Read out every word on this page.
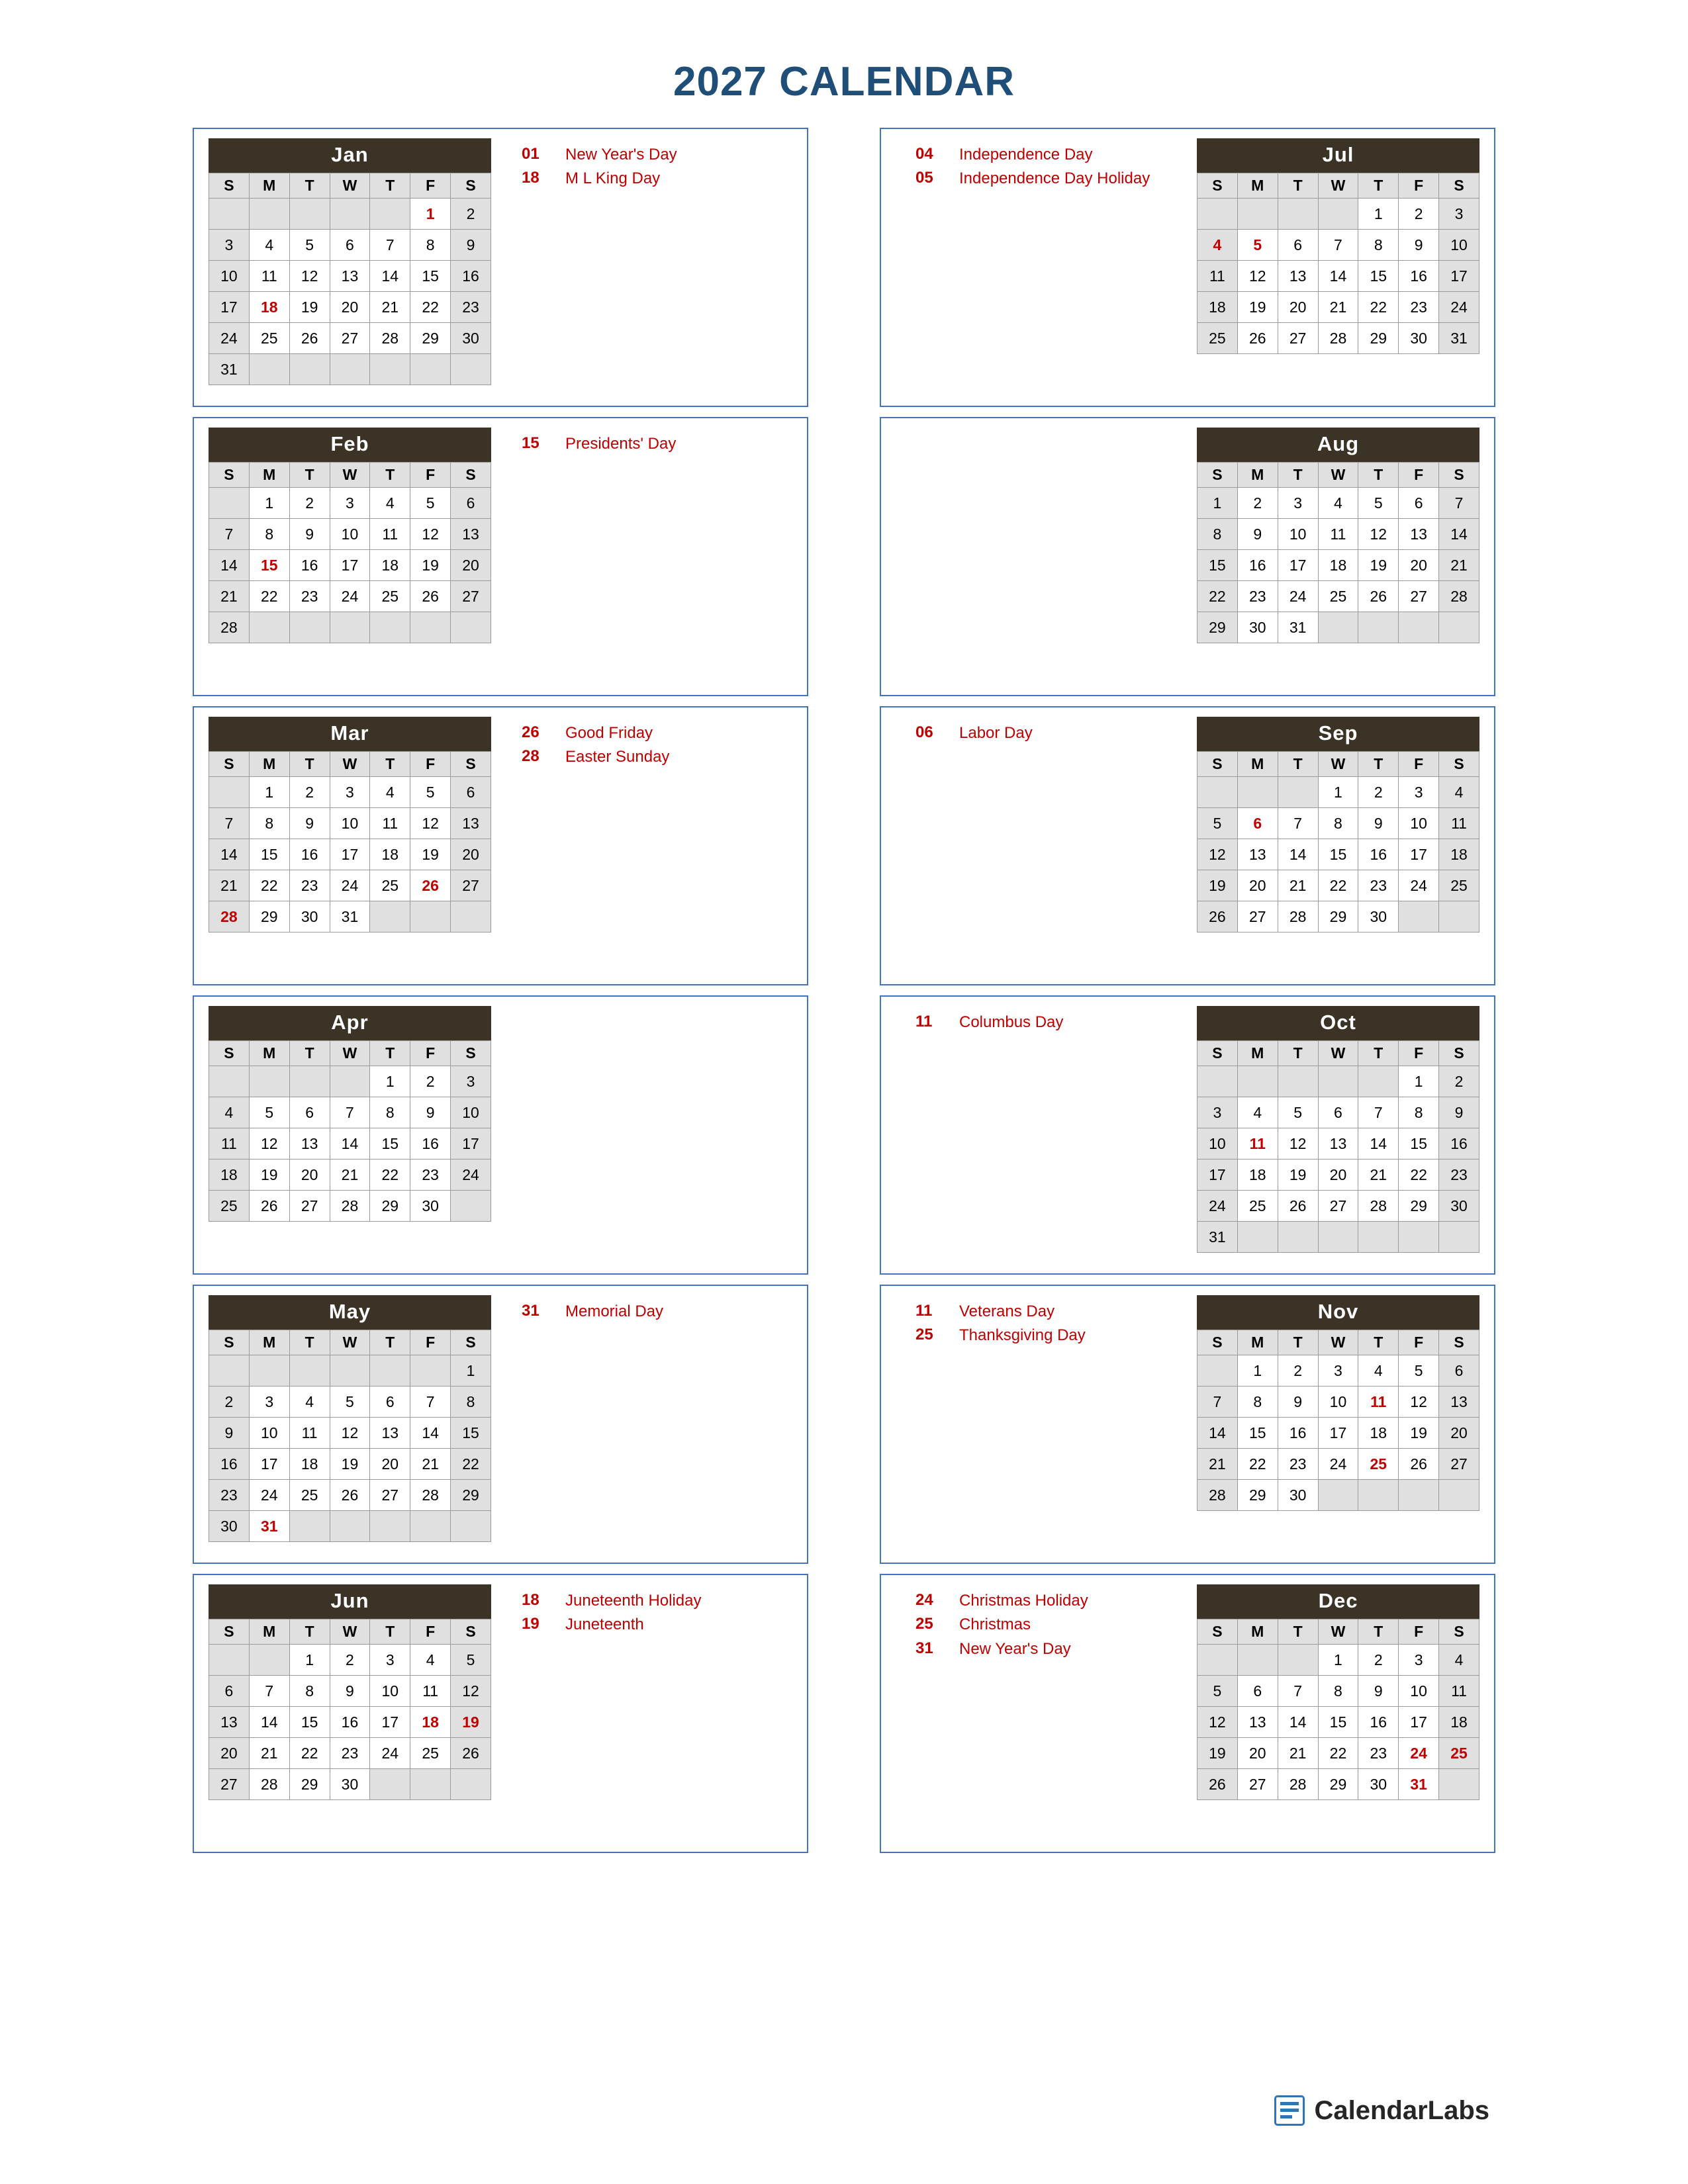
2027 CALENDAR
Jan
S	M	T	W	T	F	S
					1	2
3	4	5	6	7	8	9
10	11	12	13	14	15	16
17	18	19	20	21	22	23
24	25	26	27	28	29	30
31						
01	New Year's Day
18	M L King Day
Jul
S	M	T	W	T	F	S
				1	2	3
4	5	6	7	8	9	10
11	12	13	14	15	16	17
18	19	20	21	22	23	24
25	26	27	28	29	30	31
04	Independence Day
05	Independence Day Holiday
Feb
S	M	T	W	T	F	S
	1	2	3	4	5	6
7	8	9	10	11	12	13
14	15	16	17	18	19	20
21	22	23	24	25	26	27
28						
15	Presidents' Day	Aug
S	M	T	W	T	F	S
1	2	3	4	5	6	7
8	9	10	11	12	13	14
15	16	17	18	19	20	21
22	23	24	25	26	27	28
29	30	31				
Mar
S	M	T	W	T	F	S
	1	2	3	4	5	6
7	8	9	10	11	12	13
14	15	16	17	18	19	20
21	22	23	24	25	26	27
28	29	30	31			
26	Good Friday
28	Easter Sunday
Sep
S	M	T	W	T	F	S
			1	2	3	4
5	6	7	8	9	10	11
12	13	14	15	16	17	18
19	20	21	22	23	24	25
26	27	28	29	30		
06	Labor Day
Apr
S	M	T	W	T	F	S
				1	2	3
4	5	6	7	8	9	10
11	12	13	14	15	16	17
18	19	20	21	22	23	24
25	26	27	28	29	30	
Oct
S	M	T	W	T	F	S
					1	2
3	4	5	6	7	8	9
10	11	12	13	14	15	16
17	18	19	20	21	22	23
24	25	26	27	28	29	30
31						
11	Columbus Day
May
S	M	T	W	T	F	S
						1
2	3	4	5	6	7	8
9	10	11	12	13	14	15
16	17	18	19	20	21	22
23	24	25	26	27	28	29
30	31					
31	Memorial Day	Nov
S	M	T	W	T	F	S
	1	2	3	4	5	6
7	8	9	10	11	12	13
14	15	16	17	18	19	20
21	22	23	24	25	26	27
28	29	30				
11	Veterans Day
25	Thanksgiving Day
Jun
S	M	T	W	T	F	S
		1	2	3	4	5
6	7	8	9	10	11	12
13	14	15	16	17	18	19
20	21	22	23	24	25	26
27	28	29	30			
18	Juneteenth Holiday
19	Juneteenth
Dec
S	M	T	W	T	F	S
			1	2	3	4
5	6	7	8	9	10	11
12	13	14	15	16	17	18
19	20	21	22	23	24	25
26	27	28	29	30	31	
24	Christmas Holiday
25	Christmas
31	New Year's Day
CalendarLabs
